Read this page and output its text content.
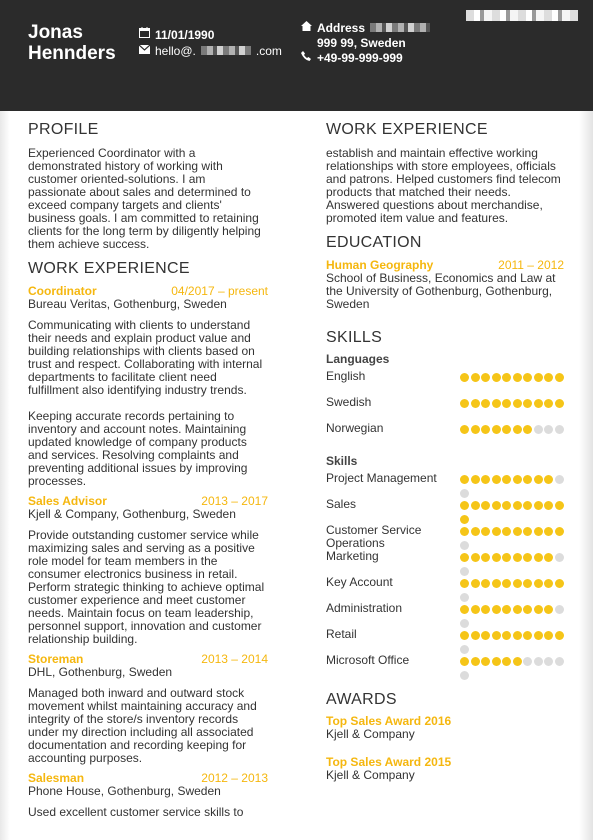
Jonas
Hennders
11/01/1990
hello@.	.com
Address
999 99, Sweden
+49-99-999-999
PROFILE

Experienced Coordinator with a demonstrated history of working with customer oriented-solutions. I am passionate about sales and determined to exceed company targets and clients' business goals. I am committed to retaining clients for the long term by diligently helping them achieve success.

WORK EXPERIENCE
Coordinator	04/2017 – present
Bureau Veritas, Gothenburg, Sweden

Communicating with clients to understand their needs and explain product value and building relationships with clients based on trust and respect. Collaborating with internal departments to facilitate client need fulfillment also identifying industry trends.

Keeping accurate records pertaining to inventory and account notes. Maintaining updated knowledge of company products and services. Resolving complaints and preventing additional issues by improving processes.

Sales Advisor	2013 – 2017
Kjell & Company, Gothenburg, Sweden

Provide outstanding customer service while maximizing sales and serving as a positive role model for team members in the consumer electronics business in retail. Perform strategic thinking to achieve optimal customer experience and meet customer needs. Maintain focus on team leadership, personnel support, innovation and customer relationship building.

Storeman	2013 – 2014
DHL, Gothenburg, Sweden

Managed both inward and outward stock movement whilst maintaining accuracy and integrity of the store/s inventory records under my direction including all associated documentation and recording keeping for accounting purposes.

Salesman	2012 – 2013
Phone House, Gothenburg, Sweden

Used excellent customer service skills to

WORK EXPERIENCE

establish and maintain effective working relationships with store employees, officials and patrons. Helped customers find telecom products that matched their needs. Answered questions about merchandise, promoted item value and features.

EDUCATION
Human Geography	2011 – 2012
School of Business, Economics and Law at the University of Gothenburg, Gothenburg, Sweden
SKILLS
Languages
English
Swedish
Norwegian
Skills
Project Management
Sales
Customer Service Operations
Marketing
Key Account
Administration
Retail
Microsoft Office
AWARDS
Top Sales Award 2016
Kjell & Company
Top Sales Award 2015
Kjell & Company
